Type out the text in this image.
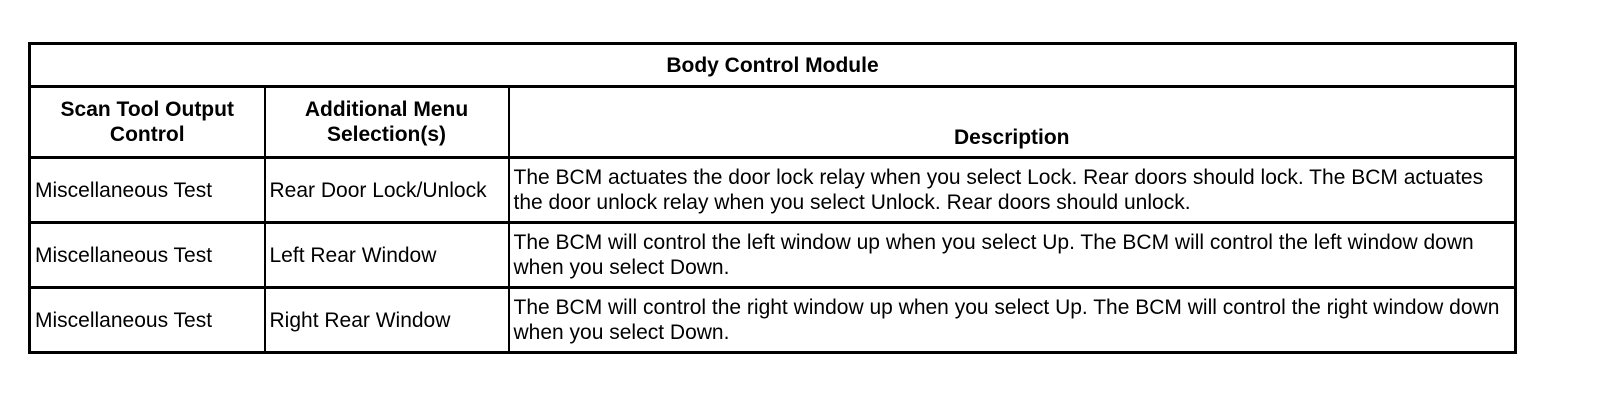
Body Control Module		
Scan Tool Output Control	Additional Menu Selection(s)	Description
Miscellaneous Test	Rear Door Lock/Unlock	The BCM actuates the door lock relay when you select Lock. Rear doors should lock. The BCM actuates the door unlock relay when you select Unlock. Rear doors should unlock.
Miscellaneous Test	Left Rear Window	The BCM will control the left window up when you select Up. The BCM will control the left window down when you select Down.
Miscellaneous Test	Right Rear Window	The BCM will control the right window up when you select Up. The BCM will control the right window down when you select Down.
